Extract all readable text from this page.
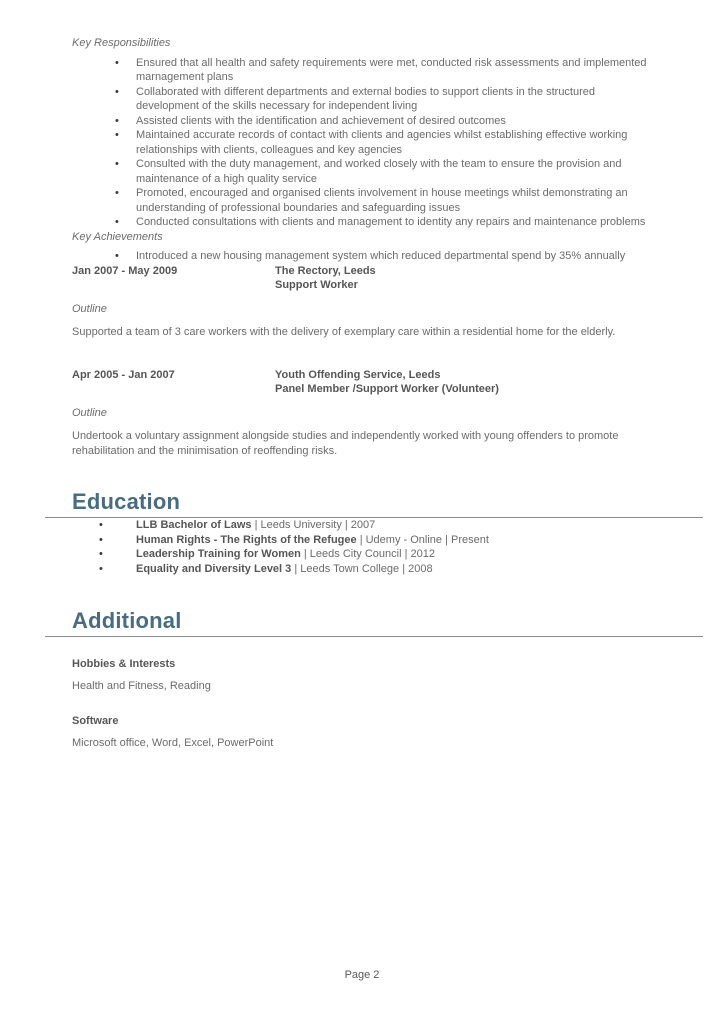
Key Responsibilities

•
Ensured that all health and safety requirements were met, conducted risk assessments and implemented marnagement plans
•
Collaborated with different departments and external bodies to support clients in the structured development of the skills necessary for independent living
•
Assisted clients with the identification and achievement of desired outcomes
•
Maintained accurate records of contact with clients and agencies whilst establishing effective working relationships with clients, colleagues and key agencies
•
Consulted with the duty management, and worked closely with the team to ensure the provision and maintenance of a high quality service
•
Promoted, encouraged and organised clients involvement in house meetings whilst demonstrating an understanding of professional boundaries and safeguarding issues
•
Conducted consultations with clients and management to identity any repairs and maintenance problems

Key Achievements

•
Introduced a new housing management system which reduced departmental spend by 35% annually
Jan 2007 - May 2009	The Rectory, Leeds
Support Worker

Outline

Supported a team of 3 care workers with the delivery of exemplary care within a residential home for the elderly.

Apr 2005 - Jan 2007	Youth Offending Service, Leeds
Panel Member /Support Worker (Volunteer)

Outline

Undertook a voluntary assignment alongside studies and independently worked with young offenders to promote rehabilitation and the minimisation of reoffending risks.

Education
•
LLB Bachelor of Laws | Leeds University | 2007
•
Human Rights - The Rights of the Refugee | Udemy - Online | Present
•
Leadership Training for Women | Leeds City Council | 2012
•
Equality and Diversity Level 3 | Leeds Town College | 2008
Additional

Hobbies & Interests

Health and Fitness, Reading

Software

Microsoft office, Word, Excel, PowerPoint

Page 2
